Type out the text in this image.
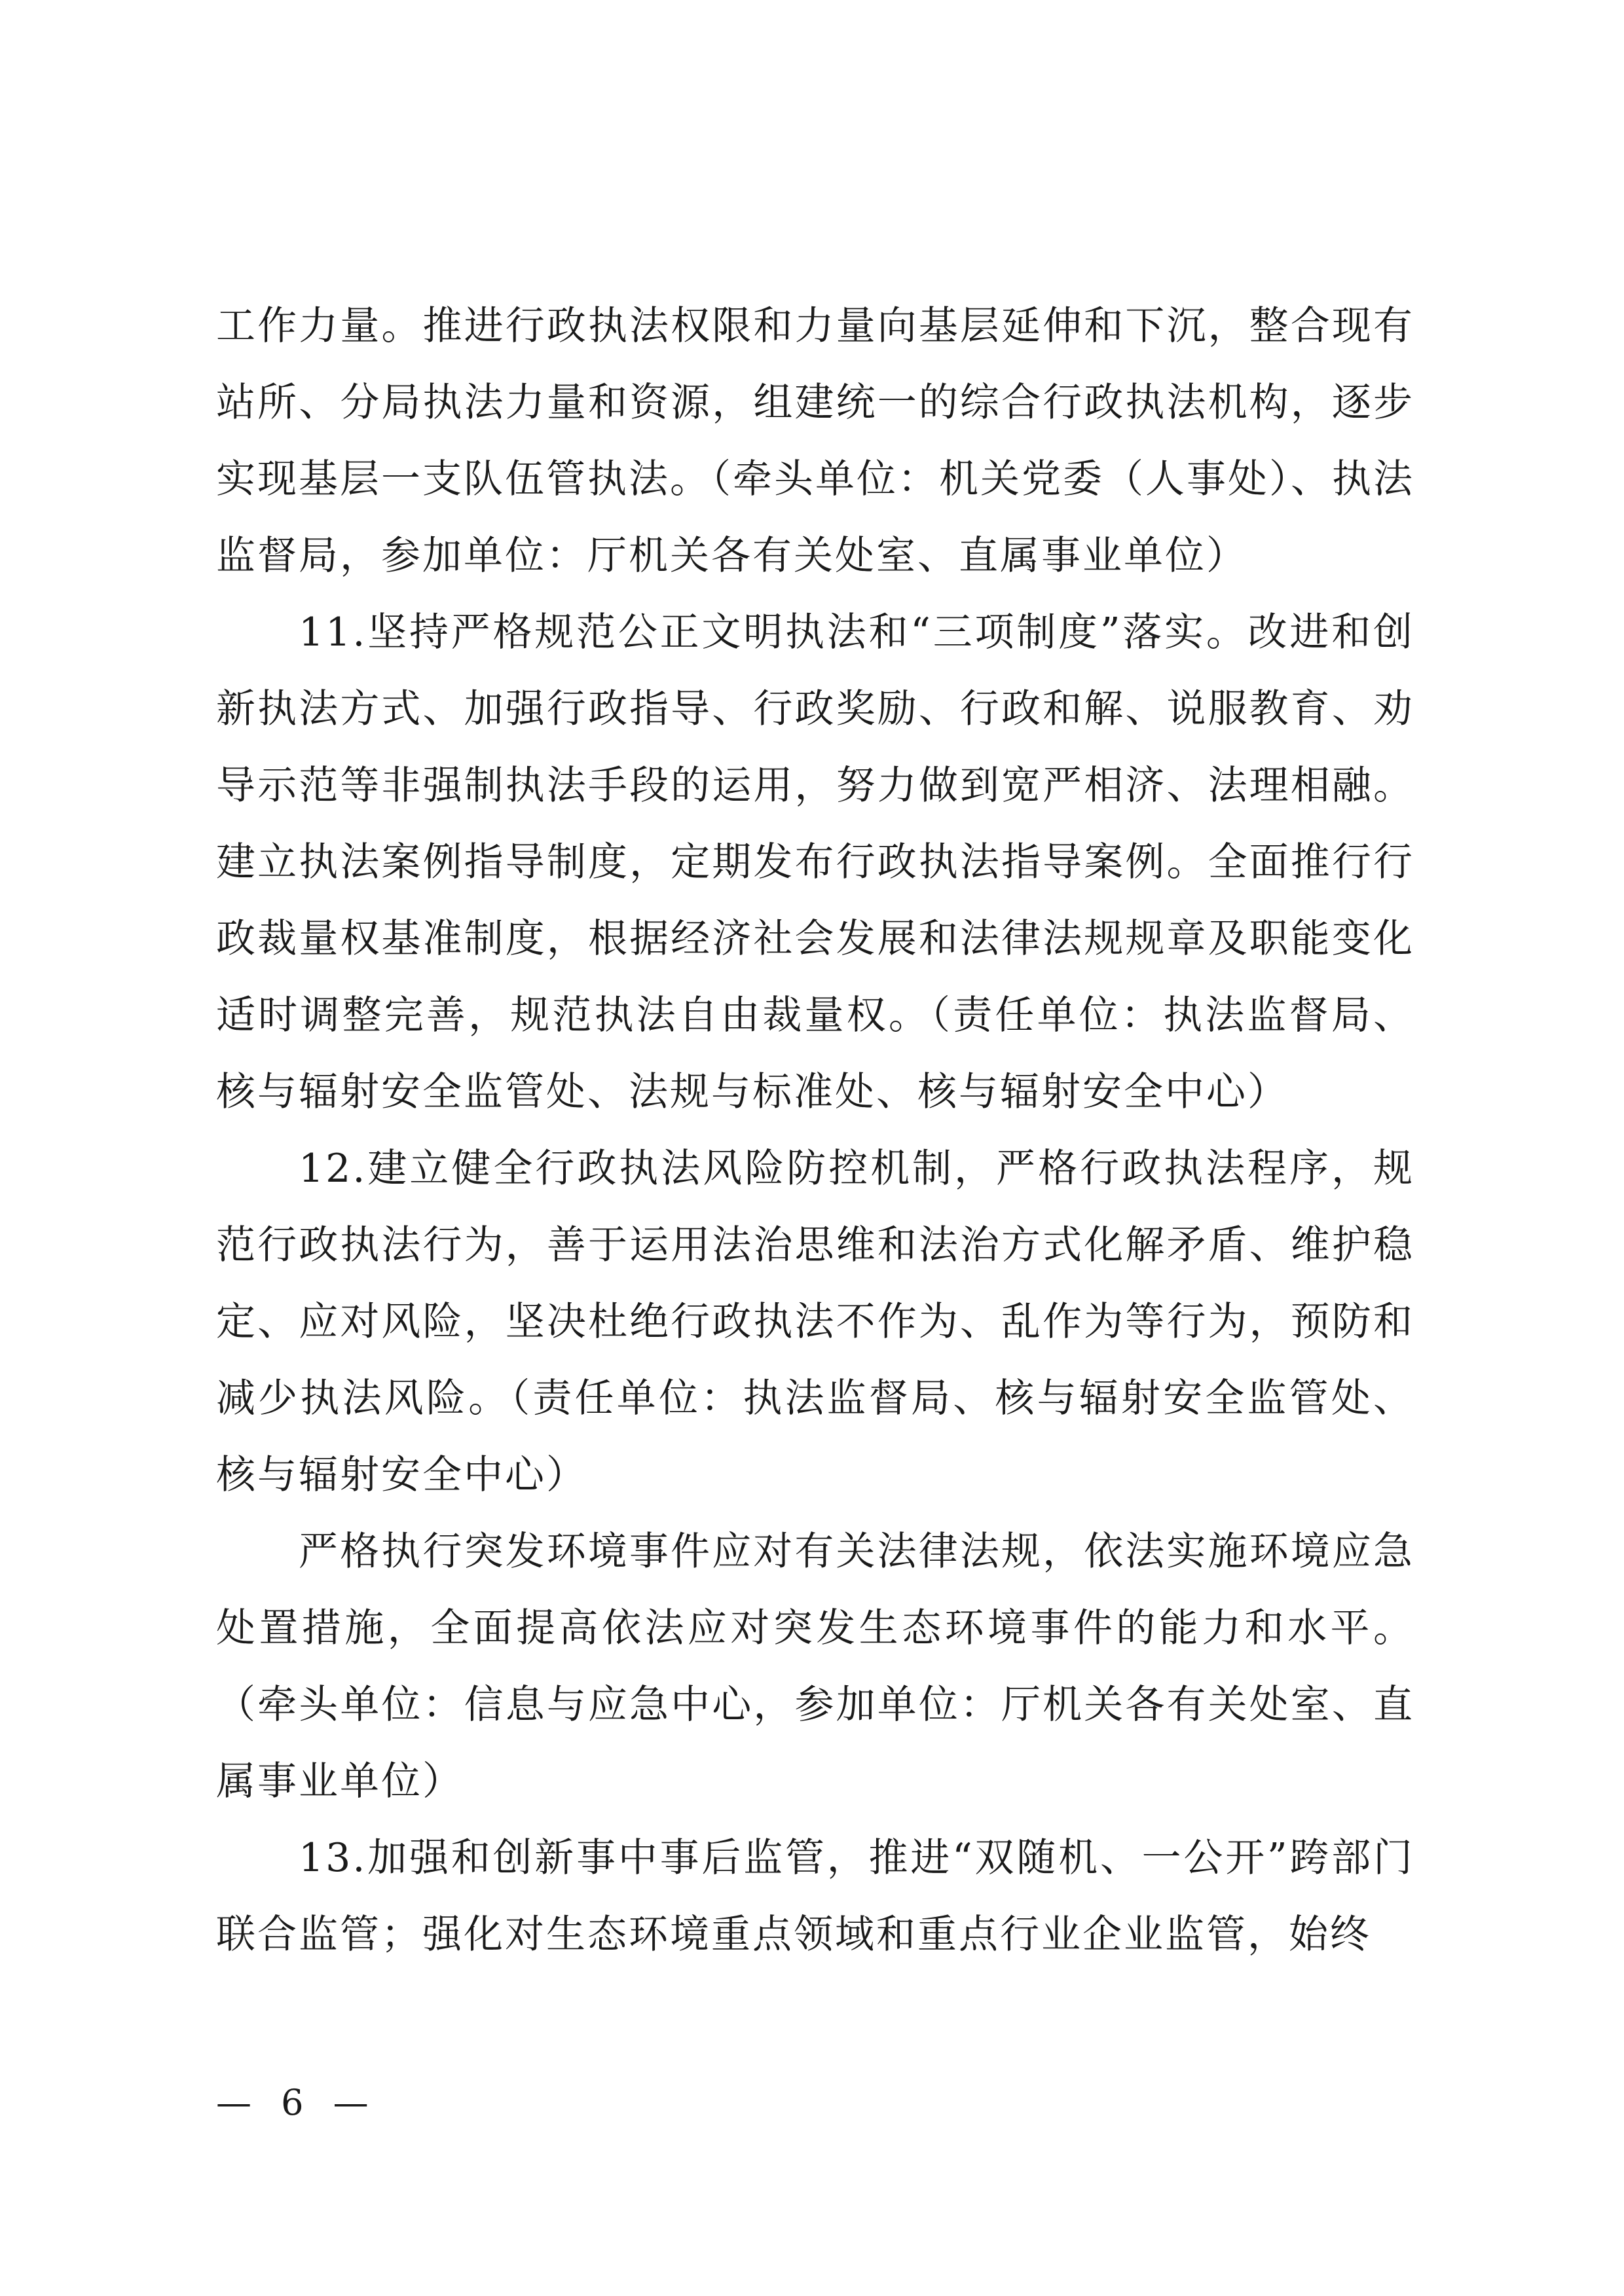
工作力量。推进行政执法权限和力量向基层延伸和下沉，整合现有站所、分局执法力量和资源，组建统一的综合行政执法机构，逐步实现基层一支队伍管执法。（牵头单位：机关党委（人事处）、执法监督局，参加单位：厅机关各有关处室、直属事业单位）

11.坚持严格规范公正文明执法和“三项制度”落实。改进和创新执法方式、加强行政指导、行政奖励、行政和解、说服教育、劝导示范等非强制执法手段的运用，努力做到宽严相济、法理相融。建立执法案例指导制度，定期发布行政执法指导案例。全面推行行政裁量权基准制度，根据经济社会发展和法律法规规章及职能变化适时调整完善，规范执法自由裁量权。（责任单位：执法监督局、核与辐射安全监管处、法规与标准处、核与辐射安全中心）

12.建立健全行政执法风险防控机制，严格行政执法程序，规范行政执法行为，善于运用法治思维和法治方式化解矛盾、维护稳定、应对风险，坚决杜绝行政执法不作为、乱作为等行为，预防和减少执法风险。（责任单位：执法监督局、核与辐射安全监管处、核与辐射安全中心）

严格执行突发环境事件应对有关法律法规，依法实施环境应急处置措施，全面提高依法应对突发生态环境事件的能力和水平。（牵头单位：信息与应急中心，参加单位：厅机关各有关处室、直属事业单位）

13.加强和创新事中事后监管，推进“双随机、一公开”跨部门联合监管；强化对生态环境重点领域和重点行业企业监管，始终

— 6 —
